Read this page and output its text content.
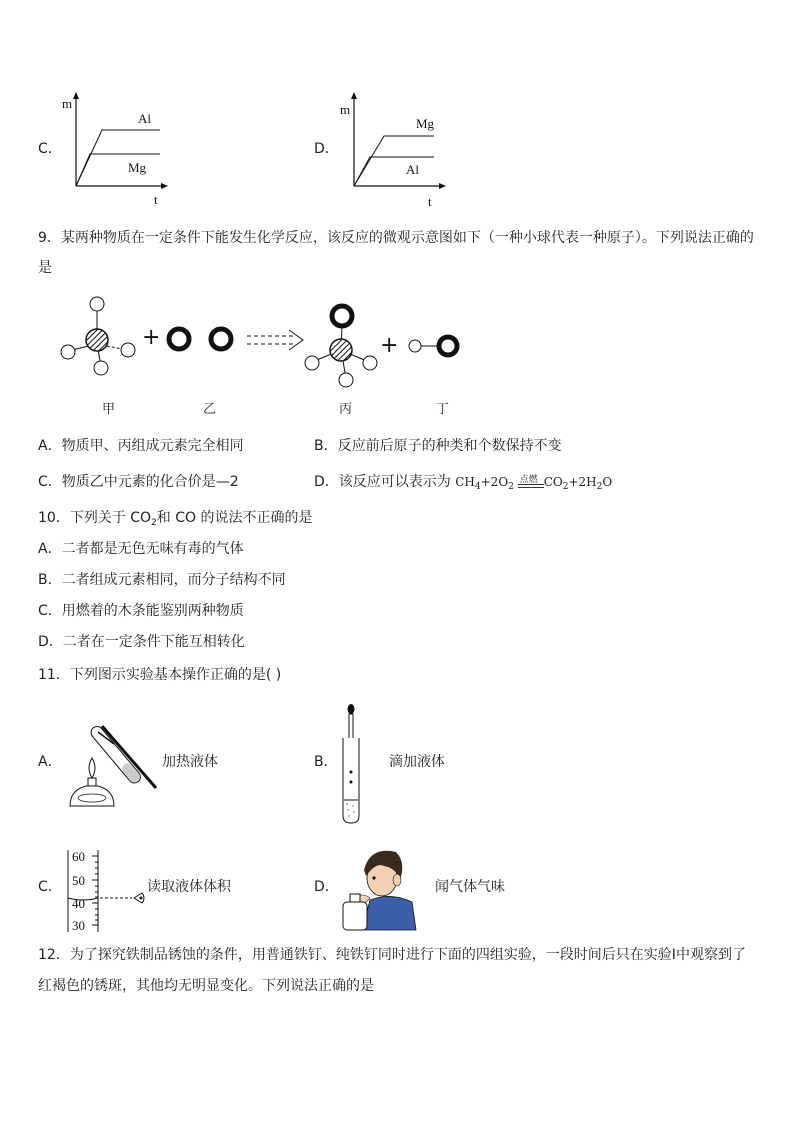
C．
m
t
Al
Mg
D．
m
t
Mg
Al
9．某两种物质在一定条件下能发生化学反应，该反应的微观示意图如下（一种小球代表一种原子）。下列说法正确的
是
+	+
甲	乙	丙	丁
A．物质甲、丙组成元素完全相同	B．反应前后原子的种类和个数保持不变
C．物质乙中元素的化合价是—2	D．该反应可以表示为 $CH_4+2O_2$
点燃 $CO_2+2H_2O$
10．下列关于 $CO_2$和 CO 的说法不正确的是
A．二者都是无色无味有毒的气体
B．二者组成元素相同，而分子结构不同
C．用燃着的木条能鉴别两种物质
D．二者在一定条件下能互相转化
11．下列图示实验基本操作正确的是( )
A．	加热液体	B．	滴加液体
C．
60
50
40
30
读取液体体积	D．	闻气体气味
12．为了探究铁制品锈蚀的条件，用普通铁钉、纯铁钉同时进行下面的四组实验，一段时间后只在实验Ⅰ中观察到了
红褐色的锈斑，其他均无明显变化。下列说法正确的是
